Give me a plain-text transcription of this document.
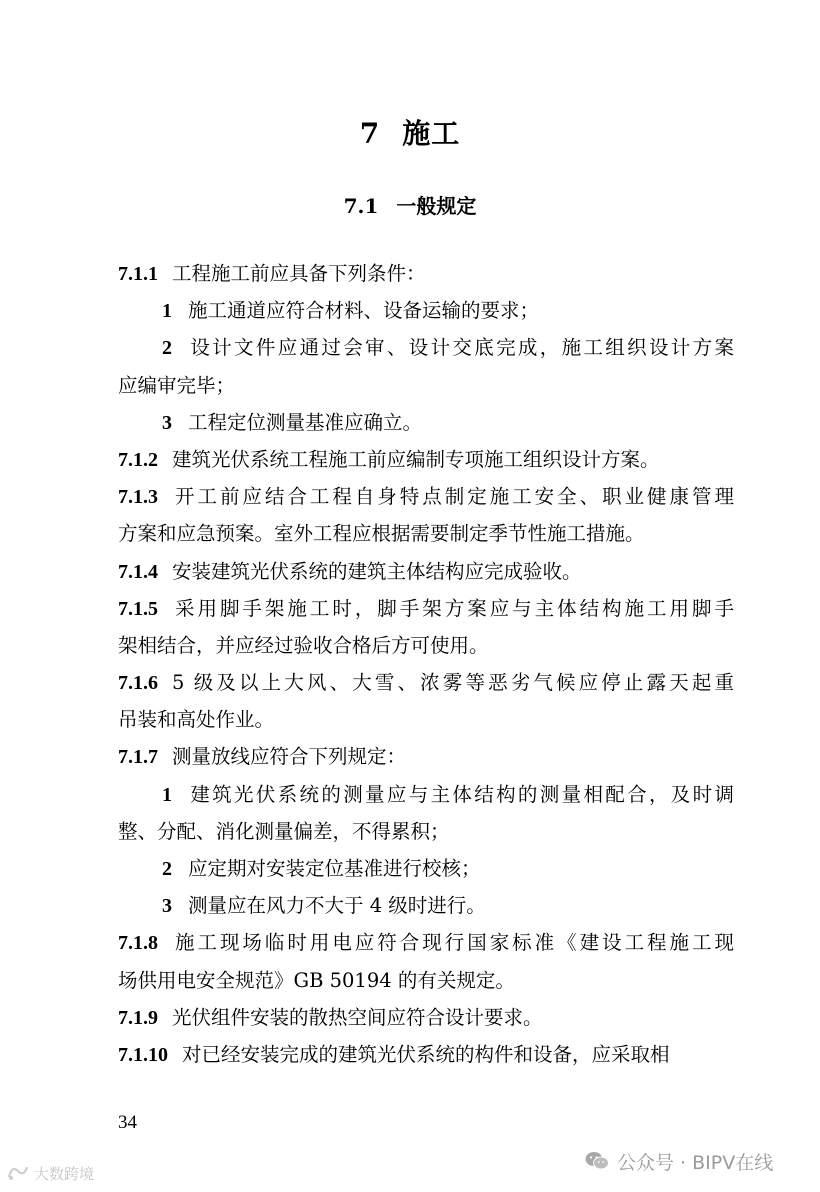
7 施工
7.1 一般规定
7.1.1 工程施工前应具备下列条件：
1 施工通道应符合材料、设备运输的要求；
2 设计文件应通过会审、设计交底完成，施工组织设计方案
应编审完毕；
3 工程定位测量基准应确立。
7.1.2 建筑光伏系统工程施工前应编制专项施工组织设计方案。
7.1.3 开工前应结合工程自身特点制定施工安全、职业健康管理
方案和应急预案。室外工程应根据需要制定季节性施工措施。
7.1.4 安装建筑光伏系统的建筑主体结构应完成验收。
7.1.5 采用脚手架施工时，脚手架方案应与主体结构施工用脚手
架相结合，并应经过验收合格后方可使用。
7.1.6 5 级及以上大风、大雪、浓雾等恶劣气候应停止露天起重
吊装和高处作业。
7.1.7 测量放线应符合下列规定：
1 建筑光伏系统的测量应与主体结构的测量相配合，及时调
整、分配、消化测量偏差，不得累积；
2 应定期对安装定位基准进行校核；
3 测量应在风力不大于 4 级时进行。
7.1.8 施工现场临时用电应符合现行国家标准《建设工程施工现
场供用电安全规范》GB 50194 的有关规定。
7.1.9 光伏组件安装的散热空间应符合设计要求。
7.1.10 对已经安装完成的建筑光伏系统的构件和设备，应采取相
34
公众号 · BIPV在线
大数跨境
